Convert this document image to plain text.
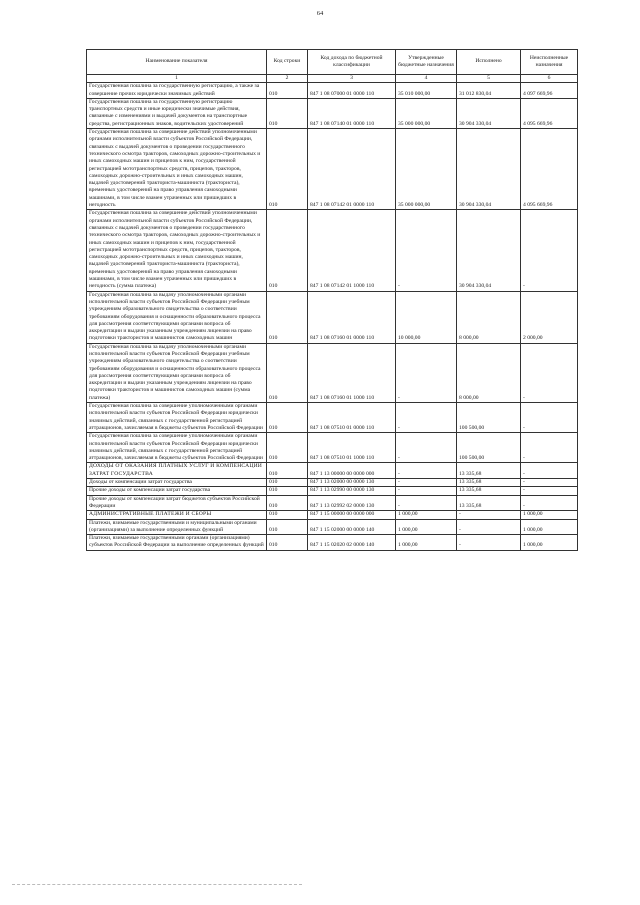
64
Наименование показателя	Код строки	Код дохода по бюджетной классификации	Утвержденные бюджетные назначения	Исполнено	Неисполненные назначения
1	2	3	4	5	6
Государственная пошлина за государственную регистрацию, а также за совершение прочих юридически значимых действий	010	847 1 08 07000 01 0000 110	35 010 000,00	31 012 830,04	4 097 669,96
Государственная пошлина за государственную регистрацию транспортных средств и иные юридически значимые действия, связанные с изменениями и выдачей документов на транспортные средства, регистрационных знаков, водительских удостоверений	010	847 1 08 07140 01 0000 110	35 000 000,00	30 904 330,04	4 095 669,96
Государственная пошлина за совершение действий уполномоченными органами исполнительной власти субъектов Российской Федерации, связанных с выдачей документов о проведении государственного технического осмотра тракторов, самоходных дорожно-строительных и иных самоходных машин и прицепов к ним, государственной регистрацией мототранспортных средств, прицепов, тракторов, самоходных дорожно-строительных и иных самоходных машин, выдачей удостоверений тракториста-машиниста (тракториста), временных удостоверений на право управления самоходными машинами, в том числе взамен утраченных или пришедших в негодность	010	847 1 08 07142 01 0000 110	35 000 000,00	30 904 330,04	4 095 669,96
Государственная пошлина за совершение действий уполномоченными органами исполнительной власти субъектов Российской Федерации, связанных с выдачей документов о проведении государственного технического осмотра тракторов, самоходных дорожно-строительных и иных самоходных машин и прицепов к ним, государственной регистрацией мототранспортных средств, прицепов, тракторов, самоходных дорожно-строительных и иных самоходных машин, выдачей удостоверений тракториста-машиниста (тракториста), временных удостоверений на право управления самоходными машинами, в том числе взамен утраченных или пришедших в негодность (сумма платежа)	010	847 1 08 07142 01 1000 110	-	30 904 330,04	-
Государственная пошлина за выдачу уполномоченными органами исполнительной власти субъектов Российской Федерации учебным учреждениям образовательного свидетельства о соответствии требованиям оборудования и оснащенности образовательного процесса для рассмотрения соответствующими органами вопроса об аккредитации и выдачи указанным учреждениям лицензии на право подготовки трактористов и машинистов самоходных машин	010	847 1 08 07160 01 0000 110	10 000,00	8 000,00	2 000,00
Государственная пошлина за выдачу уполномоченными органами исполнительной власти субъектов Российской Федерации учебным учреждениям образовательного свидетельства о соответствии требованиям оборудования и оснащенности образовательного процесса для рассмотрения соответствующими органами вопроса об аккредитации и выдачи указанным учреждениям лицензии на право подготовки трактористов и машинистов самоходных машин (сумма платежа)	010	847 1 08 07160 01 1000 110	-	8 000,00	-
Государственная пошлина за совершение уполномоченными органами исполнительной власти субъектов Российской Федерации юридически значимых действий, связанных с государственной регистрацией аттракционов, зачисляемая в бюджеты субъектов Российской Федерации	010	847 1 08 07510 01 0000 110	-	100 500,00	-
Государственная пошлина за совершение уполномоченными органами исполнительной власти субъектов Российской Федерации юридически значимых действий, связанных с государственной регистрацией аттракционов, зачисляемая в бюджеты субъектов Российской Федерации	010	847 1 08 07510 01 1000 110	-	100 500,00	-
ДОХОДЫ ОТ ОКАЗАНИЯ ПЛАТНЫХ УСЛУГ И КОМПЕНСАЦИИ ЗАТРАТ ГОСУДАРСТВА	010	847 1 13 00000 00 0000 000	-	13 335,68	-
Доходы от компенсации затрат государства	010	847 1 13 02000 00 0000 130	-	13 335,68	-
Прочие доходы от компенсации затрат государства	010	847 1 13 02990 00 0000 130	-	13 335,68	-
Прочие доходы от компенсации затрат бюджетов субъектов Российской Федерации	010	847 1 13 02992 02 0000 130	-	13 335,68	-
АДМИНИСТРАТИВНЫЕ ПЛАТЕЖИ И СБОРЫ	010	847 1 15 00000 00 0000 000	1 000,00	-	1 000,00
Платежи, взимаемые государственными и муниципальными органами (организациями) за выполнение определенных функций	010	847 1 15 02000 00 0000 140	1 000,00	-	1 000,00
Платежи, взимаемые государственными органами (организациями) субъектов Российской Федерации за выполнение определенных функций	010	847 1 15 02020 02 0000 140	1 000,00	-	1 000,00
